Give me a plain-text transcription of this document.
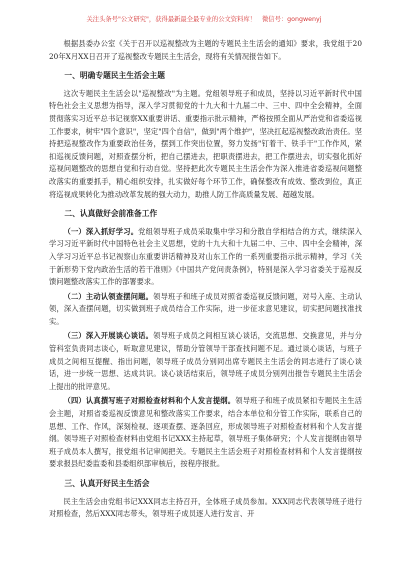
关注头条号"公文研究"，获得最新最全最专业的公文资料库！ 微信号：gongwenyj

根据县委办公室《关于召开以巡视整改为主题的专题民主生活会的通知》要求，我党组于2020年X月XX日召开了巡视整改专题民主生活会，现将有关情况报告如下。

一、明确专题民主生活会主题

这次专题民主生活会以"巡视整改"为主题。党组领导班子和成员，坚持以习近平新时代中国特色社会主义思想为指导，深入学习贯彻党的十九大和十九届二中、三中、四中全会精神，全面贯彻落实习近平总书记视察XX重要讲话、重要指示批示精神，严格按照全面从严治党和省委巡视工作要求，树牢"四个意识"，坚定"四个自信"，做到"两个维护"，坚决扛起巡视整改政治责任。坚持把巡视整改作为重要政治任务，摆到工作突出位置，努力发扬"钉着干、铁手干"工作作风，紧扣巡视反馈问题，对照查摆分析，把自己摆进去，把职责摆进去，把工作摆进去，切实强化抓好巡视问题整改的思想自觉和行动自觉。坚持把此次专题民主生活会作为深入推进省委巡视问题整改落实的重要抓手，精心组织安排，扎实做好每个环节工作，确保整改有成效、整改到位，真正将巡视成果转化为推动改革发展的强大动力，助推人防工作高质量发展、超越发展。

二、认真做好会前准备工作

（一）深入抓好学习。党组领导班子成员采取集中学习和分散自学相结合的方式，继续深入学习习近平新时代中国特色社会主义思想，党的十九大和十九届二中、三中、四中全会精神，深入学习习近平总书记视察山东重要讲话精神及对山东工作的一系列重要指示批示精神，学习《关于新形势下党内政治生活的若干准则》《中国共产党问责条例》，特别是深入学习省委关于巡视反馈问题整改落实工作的部署要求。

（二）主动认领查摆问题。领导班子和班子成员对照省委巡视反馈问题，对号入座、主动认领，深入查摆问题，切实做到班子成员结合工作实际，进一步征求意见建议，切实把问题找准找实。

（三）深入开展谈心谈话。领导班子成员之间相互谈心谈话，交流思想、交换意见，并与分管科室负责同志谈心，听取意见建议，帮助分管领导干部查找问题不足。通过谈心谈话，与班子成员之间相互提醒、指出问题，领导班子成员分别同出席专题民主生活会的同志进行了谈心谈话，进一步统一思想、达成共识。谈心谈话结束后，领导班子成员分别列出报告专题民主生活会上提出的批评意见。

（四）认真撰写班子对照检查材料和个人发言提纲。领导班子和班子成员紧扣专题民主生活会主题，对照省委巡视反馈意见和整改落实工作要求，结合本单位和分管工作实际，联系自己的思想、工作、作风，深刻检视、逐项查摆、逐条回应，形成领导班子对照检查材料和个人发言提纲。领导班子对照检查材料由党组书记XXX主持起草，领导班子集体研究；个人发言提纲由领导班子成员本人撰写，报党组书记审阅把关。专题民主生活会班子对照检查材料和个人发言提纲按要求报县纪委监委和县委组织部审核后，按程序报批。

三、认真开好民主生活会

民主生活会由党组书记XXX同志主持召开，全体班子成员参加。XXX同志代表领导班子进行对照检查，然后XXX同志带头，领导班子成员逐人进行发言、开
